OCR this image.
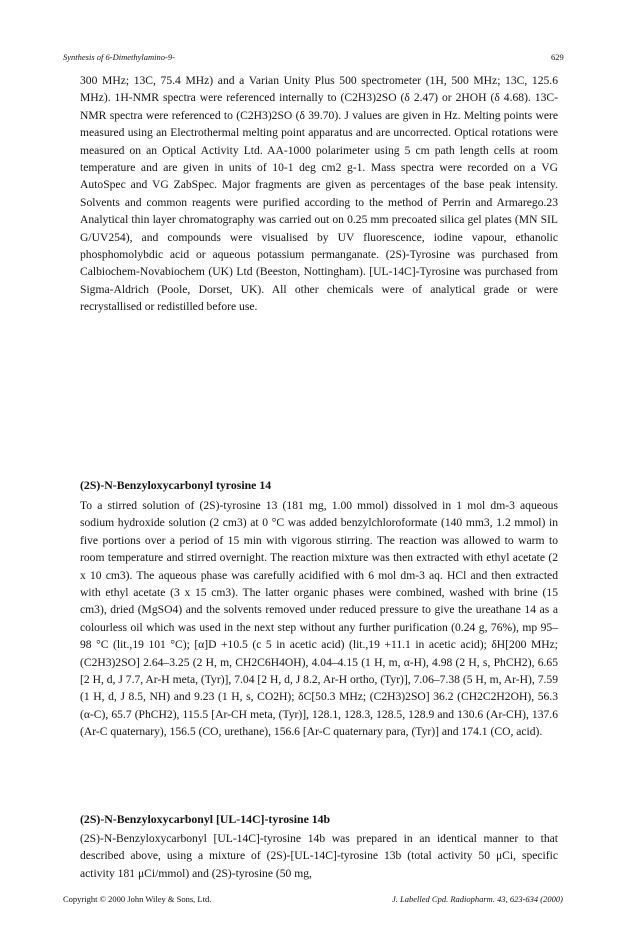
Synthesis of 6-Dimethylamino-9-	629

300 MHz; 13C, 75.4 MHz) and a Varian Unity Plus 500 spectrometer (1H, 500 MHz; 13C, 125.6 MHz). 1H-NMR spectra were referenced internally to (C2H3)2SO (δ 2.47) or 2HOH (δ 4.68). 13C-NMR spectra were referenced to (C2H3)2SO (δ 39.70). J values are given in Hz. Melting points were measured using an Electrothermal melting point apparatus and are uncorrected. Optical rotations were measured on an Optical Activity Ltd. AA-1000 polarimeter using 5 cm path length cells at room temperature and are given in units of 10-1 deg cm2 g-1. Mass spectra were recorded on a VG AutoSpec and VG ZabSpec. Major fragments are given as percentages of the base peak intensity. Solvents and common reagents were purified according to the method of Perrin and Armarego.23 Analytical thin layer chromatography was carried out on 0.25 mm precoated silica gel plates (MN SIL G/UV254), and compounds were visualised by UV fluorescence, iodine vapour, ethanolic phosphomolybdic acid or aqueous potassium permanganate. (2S)-Tyrosine was purchased from Calbiochem-Novabiochem (UK) Ltd (Beeston, Nottingham). [UL-14C]-Tyrosine was purchased from Sigma-Aldrich (Poole, Dorset, UK). All other chemicals were of analytical grade or were recrystallised or redistilled before use.

(2S)-N-Benzyloxycarbonyl tyrosine 14

To a stirred solution of (2S)-tyrosine 13 (181 mg, 1.00 mmol) dissolved in 1 mol dm-3 aqueous sodium hydroxide solution (2 cm3) at 0 °C was added benzylchloroformate (140 mm3, 1.2 mmol) in five portions over a period of 15 min with vigorous stirring. The reaction was allowed to warm to room temperature and stirred overnight. The reaction mixture was then extracted with ethyl acetate (2 x 10 cm3). The aqueous phase was carefully acidified with 6 mol dm-3 aq. HCl and then extracted with ethyl acetate (3 x 15 cm3). The latter organic phases were combined, washed with brine (15 cm3), dried (MgSO4) and the solvents removed under reduced pressure to give the ureathane 14 as a colourless oil which was used in the next step without any further purification (0.24 g, 76%), mp 95–98 °C (lit.,19 101 °C); [α]D +10.5 (c 5 in acetic acid) (lit.,19 +11.1 in acetic acid); δH[200 MHz; (C2H3)2SO] 2.64–3.25 (2 H, m, CH2C6H4OH), 4.04–4.15 (1 H, m, α-H), 4.98 (2 H, s, PhCH2), 6.65 [2 H, d, J 7.7, Ar-H meta, (Tyr)], 7.04 [2 H, d, J 8.2, Ar-H ortho, (Tyr)], 7.06–7.38 (5 H, m, Ar-H), 7.59 (1 H, d, J 8.5, NH) and 9.23 (1 H, s, CO2H); δC[50.3 MHz; (C2H3)2SO] 36.2 (CH2C2H2OH), 56.3 (α-C), 65.7 (PhCH2), 115.5 [Ar-CH meta, (Tyr)], 128.1, 128.3, 128.5, 128.9 and 130.6 (Ar-CH), 137.6 (Ar-C quaternary), 156.5 (CO, urethane), 156.6 [Ar-C quaternary para, (Tyr)] and 174.1 (CO, acid).

(2S)-N-Benzyloxycarbonyl [UL-14C]-tyrosine 14b

(2S)-N-Benzyloxycarbonyl [UL-14C]-tyrosine 14b was prepared in an identical manner to that described above, using a mixture of (2S)-[UL-14C]-tyrosine 13b (total activity 50 μCi, specific activity 181 μCi/mmol) and (2S)-tyrosine (50 mg,

Copyright © 2000 John Wiley & Sons, Ltd.	J. Labelled Cpd. Radiopharm. 43, 623-634 (2000)
